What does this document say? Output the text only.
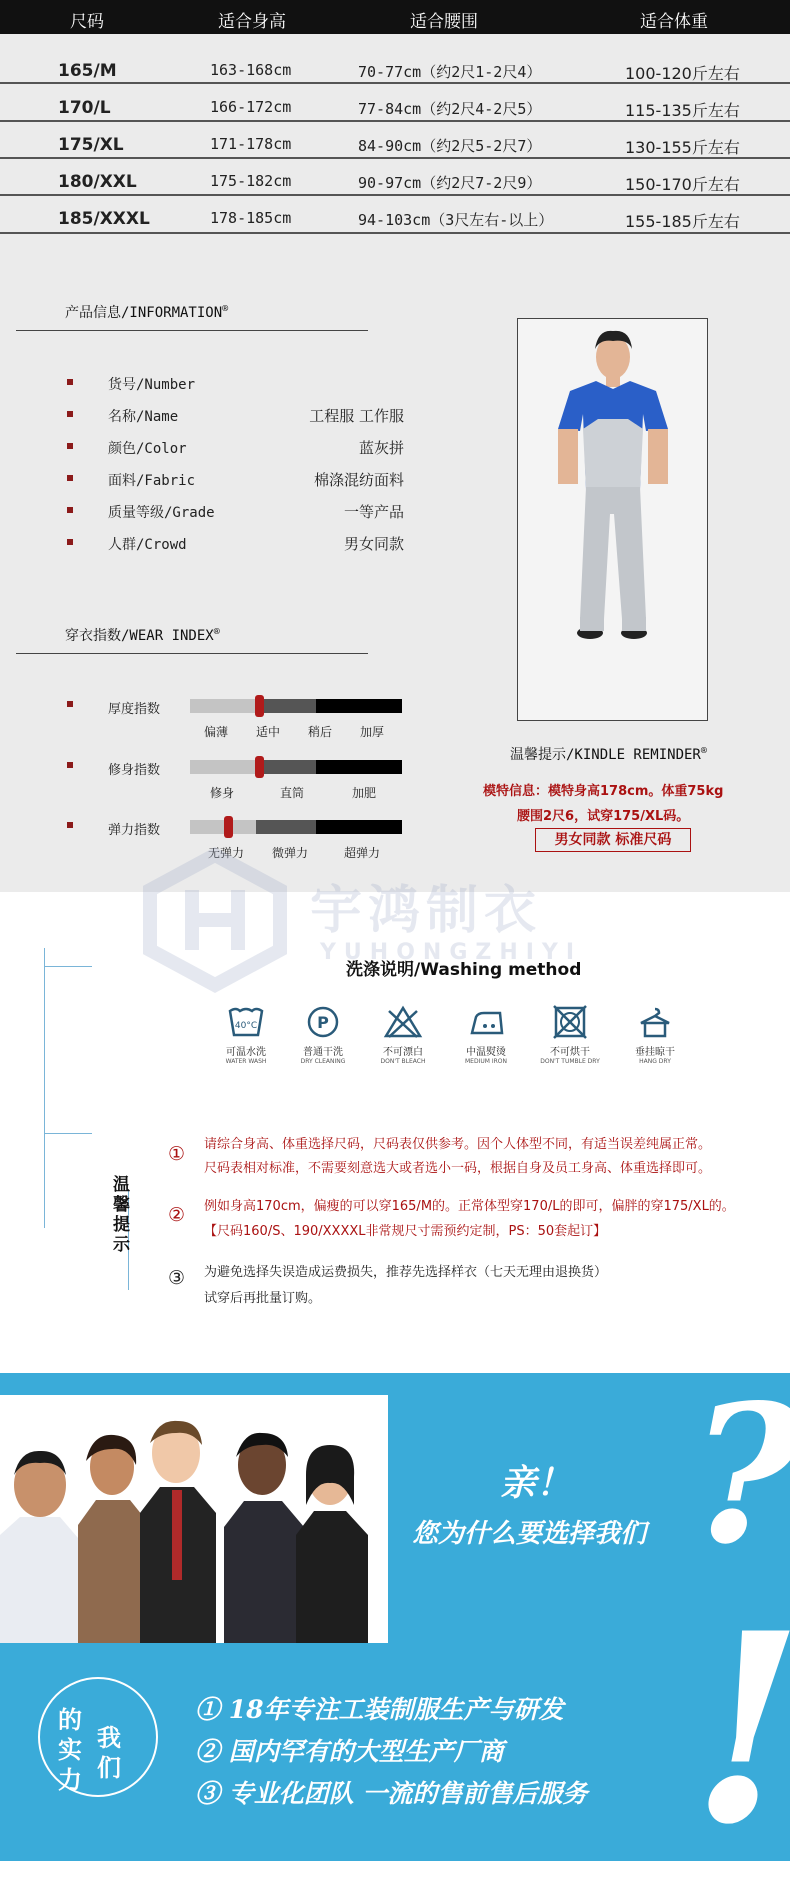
尺码	适合身高	适合腰围	适合体重
165/M	163-168cm	70-77cm（约2尺1-2尺4）	100-120斤左右
170/L	166-172cm	77-84cm（约2尺4-2尺5）	115-135斤左右
175/XL	171-178cm	84-90cm（约2尺5-2尺7）	130-155斤左右
180/XXL	175-182cm	90-97cm（约2尺7-2尺9）	150-170斤左右
185/XXXL	178-185cm	94-103cm（3尺左右-以上）	155-185斤左右
产品信息/INFORMATION®
货号/Number
名称/Name	工程服 工作服
颜色/Color	蓝灰拼
面料/Fabric	棉涤混纺面料
质量等级/Grade	一等产品
人群/Crowd	男女同款
穿衣指数/WEAR INDEX®
厚度指数
偏薄 适中 稍后 加厚
修身指数
修身	直筒	加肥
弹力指数
无弹力 微弹力	超弹力
温馨提示/KINDLE REMINDER®
模特信息：模特身高178cm。体重75kg
腰围2尺6，试穿175/XL码。
男女同款 标准尺码
宇鸿制衣
YUHONGZHIYI
洗涤说明/Washing method
40°C
可温水洗
WATER WASH
P
普通干洗
DRY CLEANING
不可漂白
DON'T BLEACH
中温熨烫
MEDIUM IRON
不可烘干
DON'T TUMBLE DRY
垂挂晾干
HANG DRY
温
馨
提
示
① 请综合身高、体重选择尺码，尺码表仅供参考。因个人体型不同，有适当误差纯属正常。
尺码表相对标准，不需要刻意选大或者选小一码，根据自身及员工身高、体重选择即可。
② 例如身高170cm，偏瘦的可以穿165/M的。正常体型穿170/L的即可，偏胖的穿175/XL的。
【尺码160/S、190/XXXXL非常规尺寸需预约定制，PS：50套起订】
③ 为避免选择失误造成运费损失，推荐先选择样衣（七天无理由退换货）
试穿后再批量订购。
亲！
您为什么要选择我们 ?
!
的
实
力
我
们
① 18年专注工装制服生产与研发
② 国内罕有的大型生产厂商
③ 专业化团队 一流的售前售后服务
